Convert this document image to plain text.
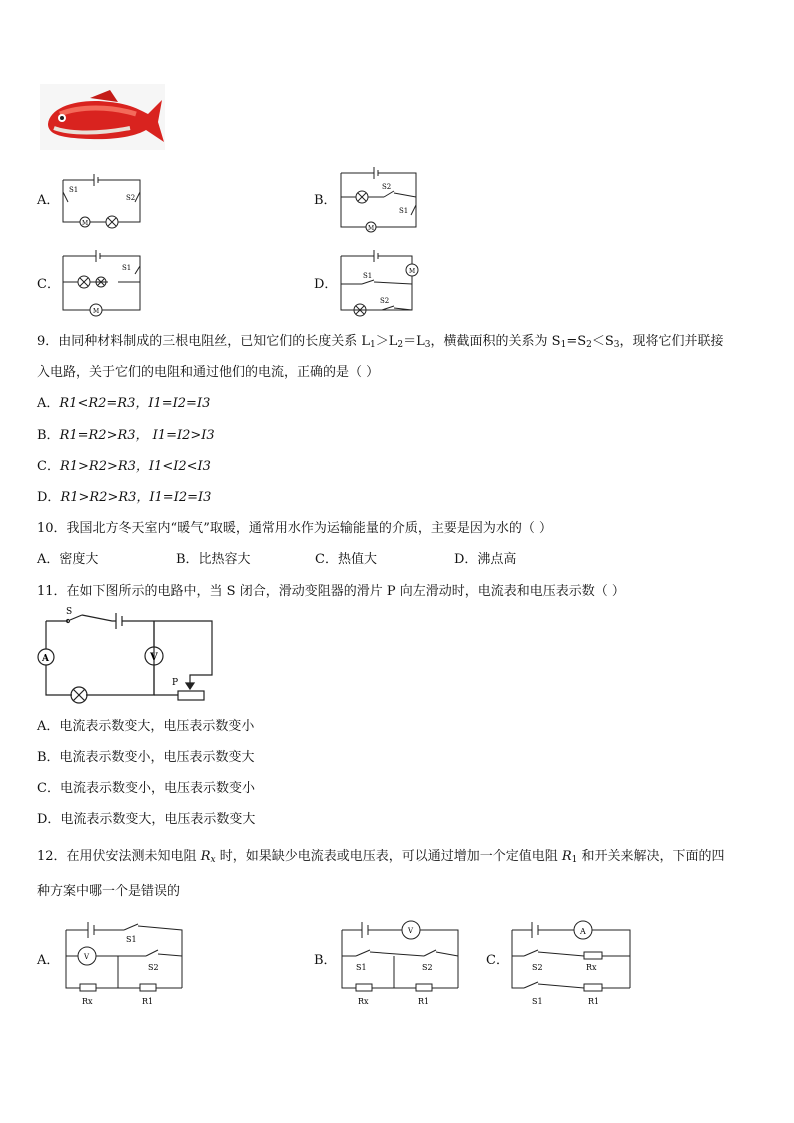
A．
S1
S2
M
B．
S2
S1
M
C．
S1
M
D．
S1
S2
M
9．由同种材料制成的三根电阻丝，已知它们的长度关系 $L_1>L_2=L_3$，横截面积的关系为 $S_1=S_2<S_3$，现将它们并联接
入电路，关于它们的电阻和通过他们的电流，正确的是（ ）
A．R1<R2=R3，I1=I2=I3
B．R1=R2>R3， I1=I2>I3
C．R1>R2>R3，I1<I2<I3
D．R1>R2>R3，I1=I2=I3
10．我国北方冬天室内“暖气”取暖，通常用水作为运输能量的介质，主要是因为水的（ ）
A．密度大	B．比热容大	C．热值大	D．沸点高
11．在如下图所示的电路中，当 S 闭合，滑动变阻器的滑片 P 向左滑动时，电流表和电压表示数（ ）
S
A	V
P
A．电流表示数变大，电压表示数变小
B．电流表示数变小，电压表示数变大
C．电流表示数变小，电压表示数变小
D．电流表示数变大，电压表示数变大
12．在用伏安法测未知电阻 $R_x$ 时，如果缺少电流表或电压表，可以通过增加一个定值电阻 $R_1$ 和开关来解决，下面的四
种方案中哪一个是错误的
A．
S1
S2
V
Rx	R1
B．
V
S1	S2
Rx	R1
C．
A
S2	Rx
S1	R1
